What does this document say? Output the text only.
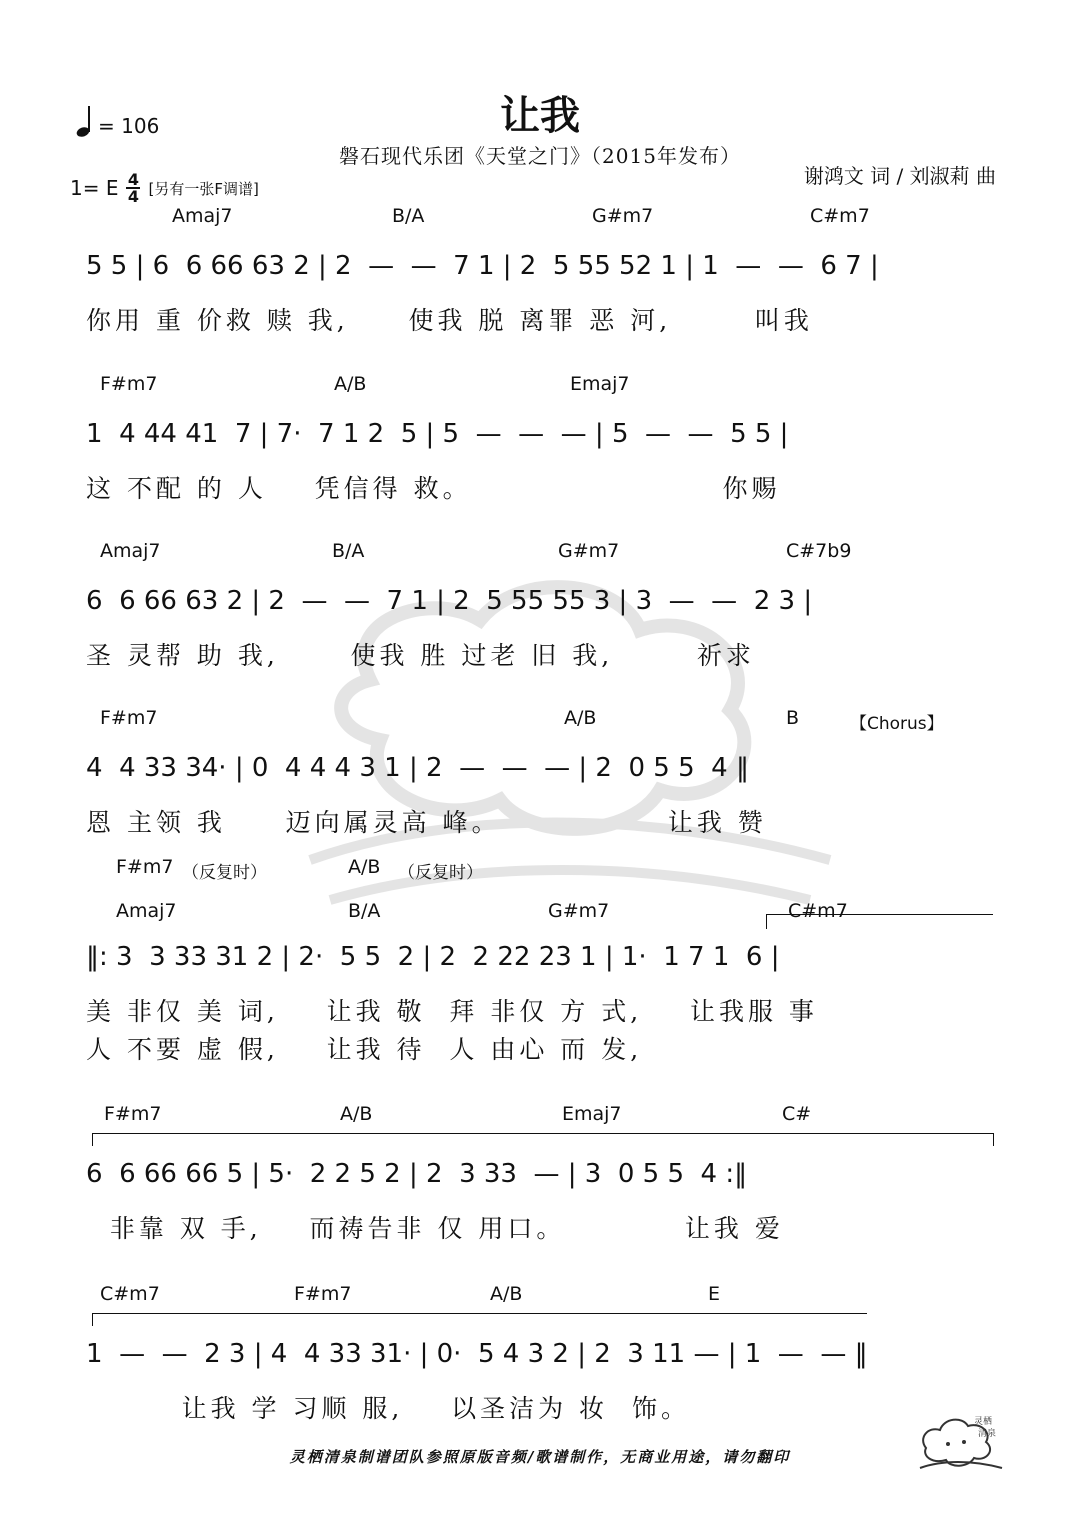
让我
磐石现代乐团《天堂之门》（2015年发布）
谢鸿文 词 / 刘淑莉 曲
= 106
1= E 4
4 [另有一张F调谱]
Amaj7	B/A	G#m7	C#m7
5 5 | 6  6 66 63 2 | 2  —  —  7 1 | 2  5 55 52 1 | 1  —  —  6 7 |
你用 重 价救 赎 我,     使我 脱 离罪 恶 河,       叫我
F#m7	A/B	Emaj7
1  4 44 41  7 | 7·  7 1 2  5 | 5  —  —  — | 5  —  —  5 5 |
这 不配 的 人    凭信得 救。                     你赐
Amaj7	B/A	G#m7	C#7b9
6  6 66 63 2 | 2  —  —  7 1 | 2  5 55 55 3 | 3  —  —  2 3 |
圣 灵帮 助 我,      使我 胜 过老 旧 我,       祈求
F#m7	A/B	B	【Chorus】
4  4 33 34· | 0  4 4 4 3 1 | 2  —  —  — | 2  0 5 5  4 ‖
恩 主领 我     迈向属灵高 峰。              让我 赞
F#m7 （反复时）	A/B （反复时）
Amaj7	B/A	G#m7	C#m7
‖: 3  3 33 31 2 | 2·  5 5  2 | 2  2 22 23 1 | 1·  1 7 1  6 |
美 非仅 美 词,    让我 敬  拜 非仅 方 式,    让我服 事
人 不要 虚 假,    让我 待  人 由心 而 发,
F#m7	A/B	Emaj7	C#
6  6 66 66 5 | 5·  2 2 5 2 | 2  3 33  — | 3  0 5 5  4 :‖
非靠 双 手,    而祷告非 仅 用口。          让我 爱
C#m7	F#m7	A/B	E
1  —  —  2 3 | 4  4 33 31· | 0·  5 4 3 2 | 2  3 11 — | 1  —  — ‖
让我 学 习顺 服,    以圣洁为 妆  饰。
灵栖清泉制谱团队参照原版音频/歌谱制作，无商业用途，请勿翻印
灵栖
清泉
